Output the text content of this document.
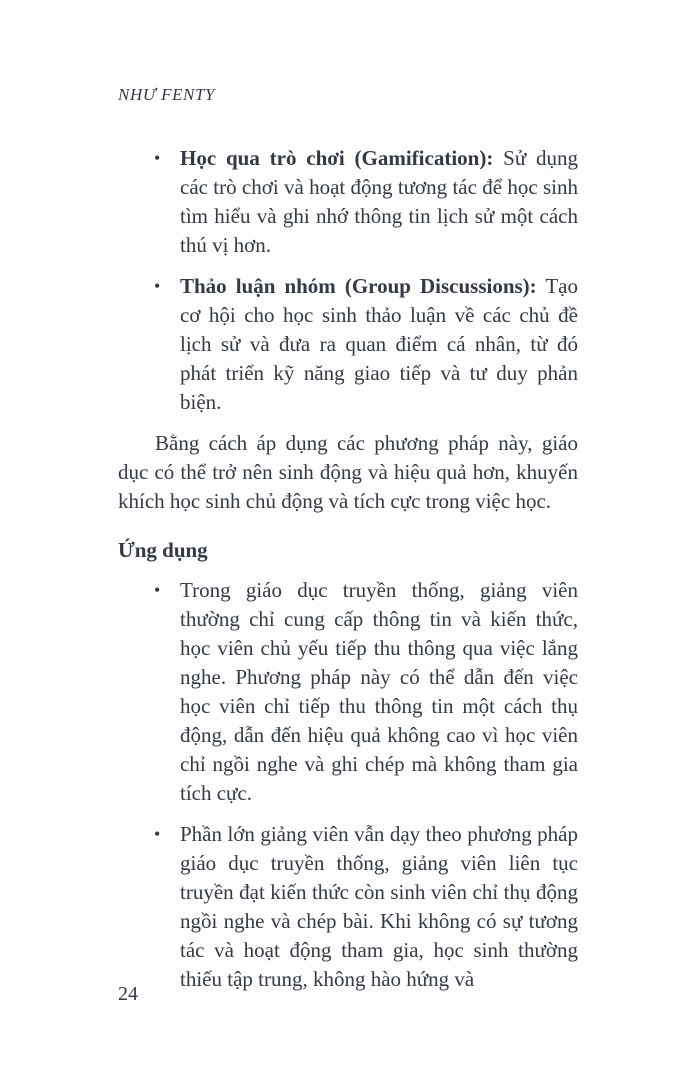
NHƯ FENTY
• Học qua trò chơi (Gamification): Sử dụng các trò chơi và hoạt động tương tác để học sinh tìm hiểu và ghi nhớ thông tin lịch sử một cách thú vị hơn.
• Thảo luận nhóm (Group Discussions): Tạo cơ hội cho học sinh thảo luận về các chủ đề lịch sử và đưa ra quan điểm cá nhân, từ đó phát triển kỹ năng giao tiếp và tư duy phản biện.

Bằng cách áp dụng các phương pháp này, giáo dục có thể trở nên sinh động và hiệu quả hơn, khuyến khích học sinh chủ động và tích cực trong việc học.

Ứng dụng
• Trong giáo dục truyền thống, giảng viên thường chỉ cung cấp thông tin và kiến thức, học viên chủ yếu tiếp thu thông qua việc lắng nghe. Phương pháp này có thể dẫn đến việc học viên chỉ tiếp thu thông tin một cách thụ động, dẫn đến hiệu quả không cao vì học viên chỉ ngồi nghe và ghi chép mà không tham gia tích cực.
• Phần lớn giảng viên vẫn dạy theo phương pháp giáo dục truyền thống, giảng viên liên tục truyền đạt kiến thức còn sinh viên chỉ thụ động ngồi nghe và chép bài. Khi không có sự tương tác và hoạt động tham gia, học sinh thường thiếu tập trung, không hào hứng và
24
